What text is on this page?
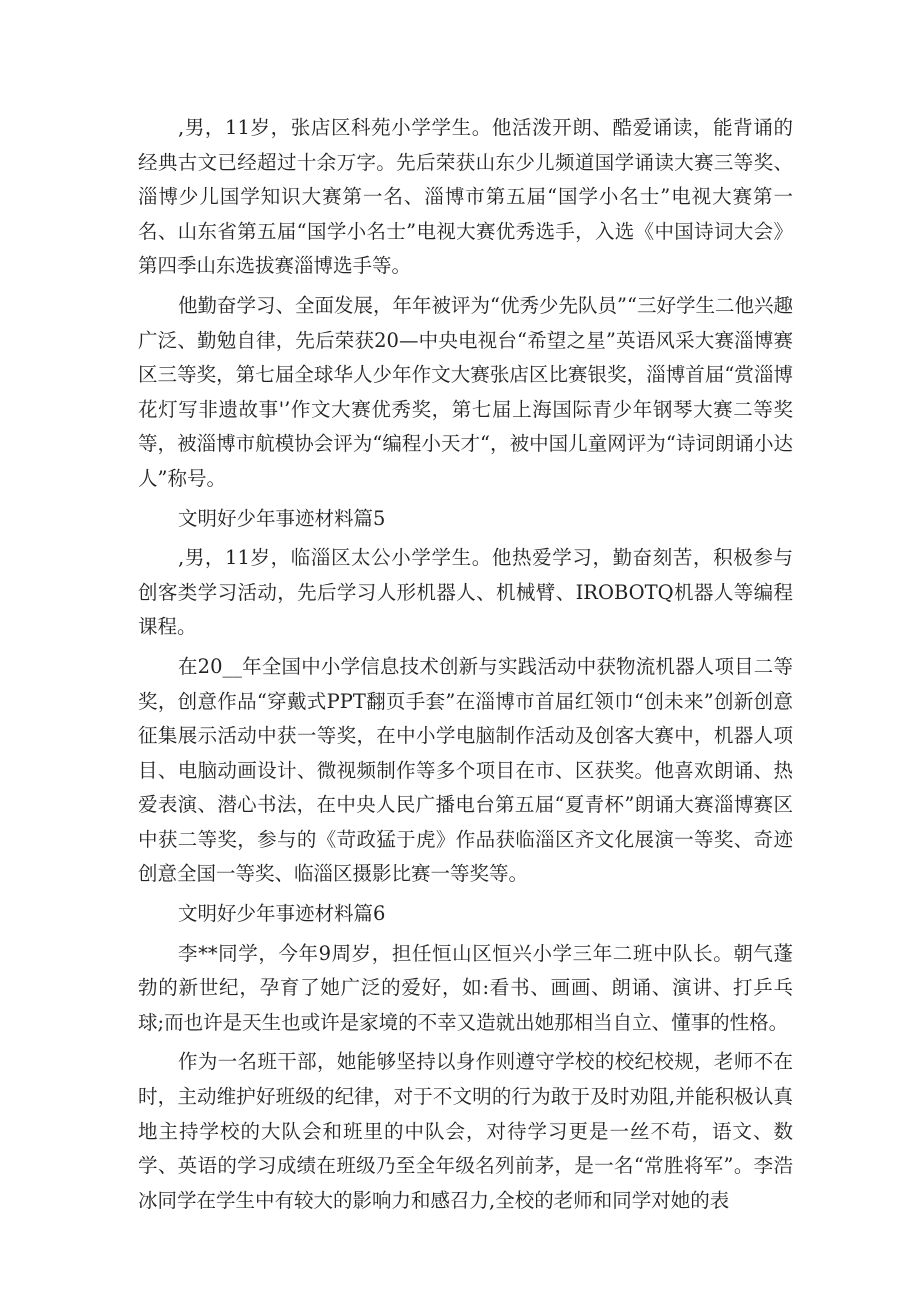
,男，11岁，张店区科苑小学学生。他活泼开朗、酷爱诵读，能背诵的经典古文已经超过十余万字。先后荣获山东少儿频道国学诵读大赛三等奖、淄博少儿国学知识大赛第一名、淄博市第五届“国学小名士”电视大赛第一名、山东省第五届“国学小名士”电视大赛优秀选手，入选《中国诗词大会》第四季山东选拔赛淄博选手等。

他勤奋学习、全面发展，年年被评为“优秀少先队员”“三好学生二他兴趣广泛、勤勉自律，先后荣获20—中央电视台“希望之星”英语风采大赛淄博赛区三等奖，第七届全球华人少年作文大赛张店区比赛银奖，淄博首届“赏淄博花灯写非遗故事'’作文大赛优秀奖，第七届上海国际青少年钢琴大赛二等奖等，被淄博市航模协会评为“编程小天才“，被中国儿童网评为“诗词朗诵小达人”称号。

文明好少年事迹材料篇5

,男，11岁，临淄区太公小学学生。他热爱学习，勤奋刻苦，积极参与创客类学习活动，先后学习人形机器人、机械臂、IROBOTQ机器人等编程课程。

在20__年全国中小学信息技术创新与实践活动中获物流机器人项目二等奖，创意作品“穿戴式PPT翻页手套”在淄博市首届红领巾“创未来”创新创意征集展示活动中获一等奖，在中小学电脑制作活动及创客大赛中，机器人项目、电脑动画设计、微视频制作等多个项目在市、区获奖。他喜欢朗诵、热爱表演、潜心书法，在中央人民广播电台第五届“夏青杯”朗诵大赛淄博赛区中获二等奖，参与的《苛政猛于虎》作品获临淄区齐文化展演一等奖、奇迹创意全国一等奖、临淄区摄影比赛一等奖等。

文明好少年事迹材料篇6

李**同学，今年9周岁，担任恒山区恒兴小学三年二班中队长。朝气蓬勃的新世纪，孕育了她广泛的爱好，如:看书、画画、朗诵、演讲、打乒乓球;而也许是天生也或许是家境的不幸又造就出她那相当自立、懂事的性格。

作为一名班干部，她能够坚持以身作则遵守学校的校纪校规，老师不在时，主动维护好班级的纪律，对于不文明的行为敢于及时劝阻,并能积极认真地主持学校的大队会和班里的中队会，对待学习更是一丝不苟，语文、数学、英语的学习成绩在班级乃至全年级名列前茅，是一名“常胜将军”。李浩冰同学在学生中有较大的影响力和感召力,全校的老师和同学对她的表
